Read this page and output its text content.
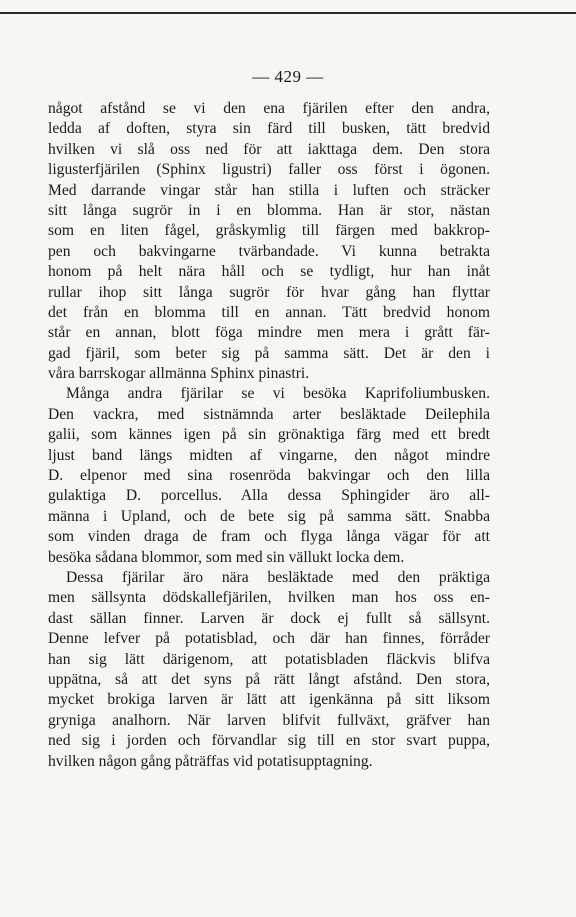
— 429 —
något afstånd se vi den ena fjärilen efter den andra,
ledda af doften, styra sin färd till busken, tätt bredvid
hvilken vi slå oss ned för att iakttaga dem. Den stora
ligusterfjärilen (Sphinx ligustri) faller oss först i ögonen.
Med darrande vingar står han stilla i luften och sträcker
sitt långa sugrör in i en blomma. Han är stor, nästan
som en liten fågel, gråskymlig till färgen med bakkrop-
pen och bakvingarne tvärbandade. Vi kunna betrakta
honom på helt nära håll och se tydligt, hur han inåt
rullar ihop sitt långa sugrör för hvar gång han flyttar
det från en blomma till en annan. Tätt bredvid honom
står en annan, blott föga mindre men mera i grått fär-
gad fjäril, som beter sig på samma sätt. Det är den i
våra barrskogar allmänna Sphinx pinastri.
Många andra fjärilar se vi besöka Kaprifoliumbusken.
Den vackra, med sistnämnda arter besläktade Deilephila
galii, som kännes igen på sin grönaktiga färg med ett bredt
ljust band längs midten af vingarne, den något mindre
D. elpenor med sina rosenröda bakvingar och den lilla
gulaktiga D. porcellus. Alla dessa Sphingider äro all-
männa i Upland, och de bete sig på samma sätt. Snabba
som vinden draga de fram och flyga långa vägar för att
besöka sådana blommor, som med sin vällukt locka dem.
Dessa fjärilar äro nära besläktade med den präktiga
men sällsynta dödskallefjärilen, hvilken man hos oss en-
dast sällan finner. Larven är dock ej fullt så sällsynt.
Denne lefver på potatisblad, och där han finnes, förråder
han sig lätt därigenom, att potatisbladen fläckvis blifva
uppätna, så att det syns på rätt långt afstånd. Den stora,
mycket brokiga larven är lätt att igenkänna på sitt liksom
gryniga analhorn. När larven blifvit fullväxt, gräfver han
ned sig i jorden och förvandlar sig till en stor svart puppa,
hvilken någon gång påträffas vid potatisupptagning.
